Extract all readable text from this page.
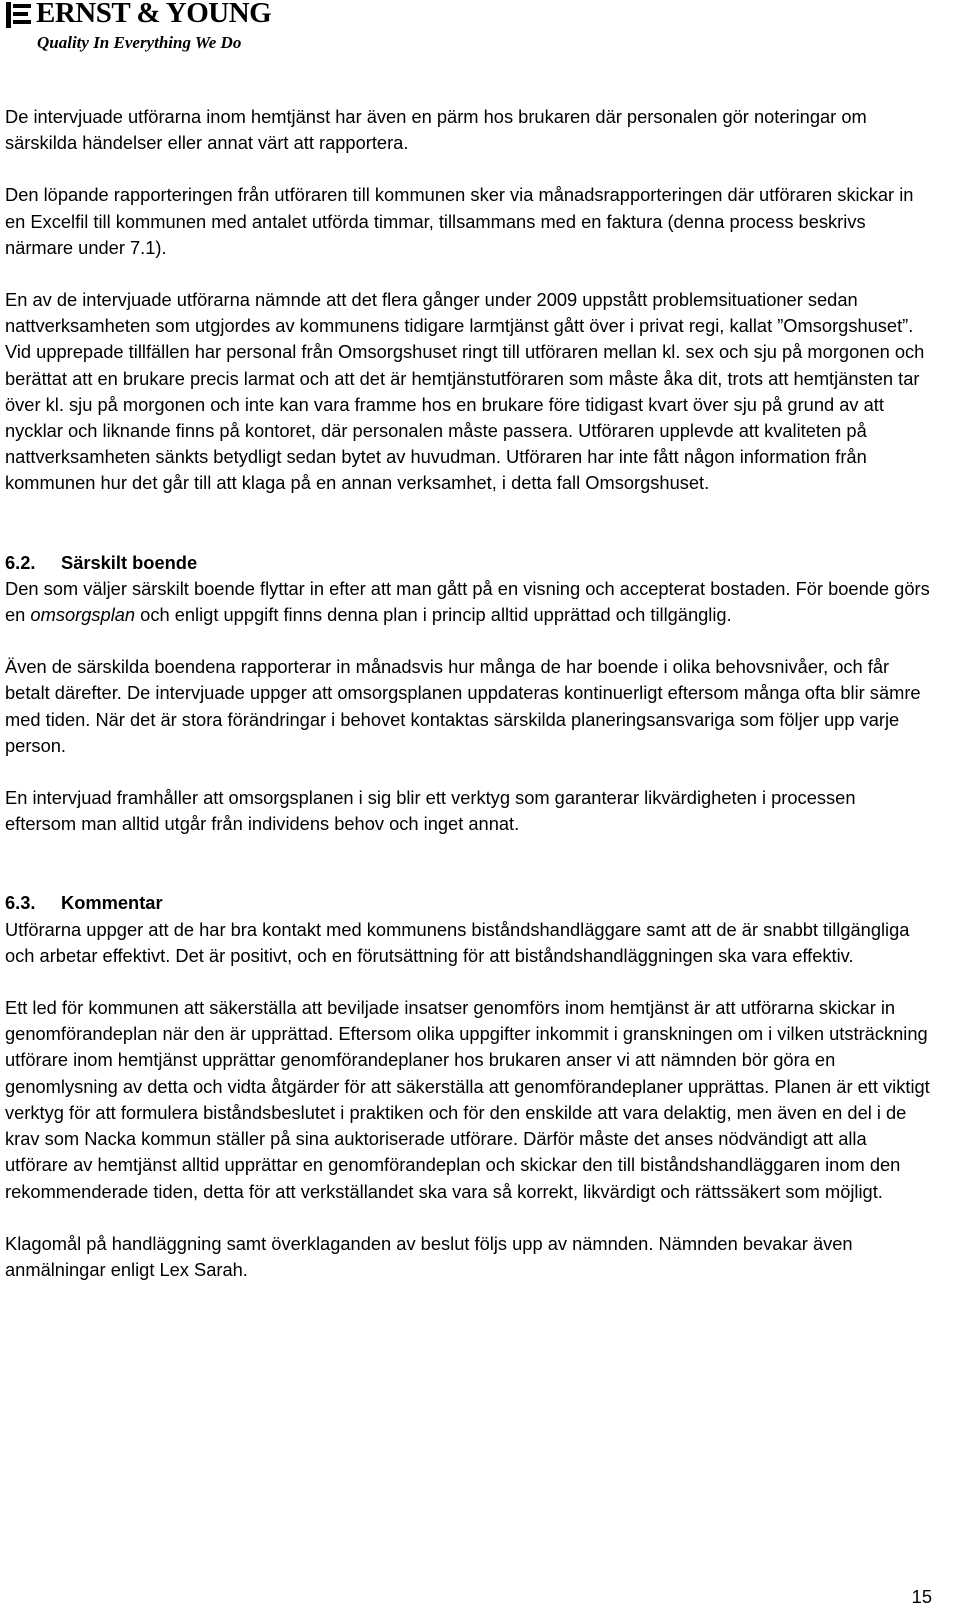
ERNST & YOUNG
Quality In Everything We Do

De intervjuade utförarna inom hemtjänst har även en pärm hos brukaren där personalen gör noteringar om särskilda händelser eller annat värt att rapportera.

Den löpande rapporteringen från utföraren till kommunen sker via månadsrapporteringen där utföraren skickar in en Excelfil till kommunen med antalet utförda timmar, tillsammans med en faktura (denna process beskrivs närmare under 7.1).

En av de intervjuade utförarna nämnde att det flera gånger under 2009 uppstått problemsituationer sedan nattverksamheten som utgjordes av kommunens tidigare larmtjänst gått över i privat regi, kallat ”Omsorgshuset”. Vid upprepade tillfällen har personal från Omsorgshuset ringt till utföraren mellan kl. sex och sju på morgonen och berättat att en brukare precis larmat och att det är hemtjänstutföraren som måste åka dit, trots att hemtjänsten tar över kl. sju på morgonen och inte kan vara framme hos en brukare före tidigast kvart över sju på grund av att nycklar och liknande finns på kontoret, där personalen måste passera. Utföraren upplevde att kvaliteten på nattverksamheten sänkts betydligt sedan bytet av huvudman. Utföraren har inte fått någon information från kommunen hur det går till att klaga på en annan verksamhet, i detta fall Omsorgshuset.

6.2. Särskilt boende

Den som väljer särskilt boende flyttar in efter att man gått på en visning och accepterat bostaden. För boende görs en omsorgsplan och enligt uppgift finns denna plan i princip alltid upprättad och tillgänglig.

Även de särskilda boendena rapporterar in månadsvis hur många de har boende i olika behovsnivåer, och får betalt därefter. De intervjuade uppger att omsorgsplanen uppdateras kontinuerligt eftersom många ofta blir sämre med tiden. När det är stora förändringar i behovet kontaktas särskilda planeringsansvariga som följer upp varje person.

En intervjuad framhåller att omsorgsplanen i sig blir ett verktyg som garanterar likvärdigheten i processen eftersom man alltid utgår från individens behov och inget annat.

6.3. Kommentar

Utförarna uppger att de har bra kontakt med kommunens biståndshandläggare samt att de är snabbt tillgängliga och arbetar effektivt. Det är positivt, och en förutsättning för att biståndshandläggningen ska vara effektiv.

Ett led för kommunen att säkerställa att beviljade insatser genomförs inom hemtjänst är att utförarna skickar in genomförandeplan när den är upprättad. Eftersom olika uppgifter inkommit i granskningen om i vilken utsträckning utförare inom hemtjänst upprättar genomförandeplaner hos brukaren anser vi att nämnden bör göra en genomlysning av detta och vidta åtgärder för att säkerställa att genomförandeplaner upprättas. Planen är ett viktigt verktyg för att formulera biståndsbeslutet i praktiken och för den enskilde att vara delaktig, men även en del i de krav som Nacka kommun ställer på sina auktoriserade utförare. Därför måste det anses nödvändigt att alla utförare av hemtjänst alltid upprättar en genomförandeplan och skickar den till biståndshandläggaren inom den rekommenderade tiden, detta för att verkställandet ska vara så korrekt, likvärdigt och rättssäkert som möjligt.

Klagomål på handläggning samt överklaganden av beslut följs upp av nämnden. Nämnden bevakar även anmälningar enligt Lex Sarah.

15
